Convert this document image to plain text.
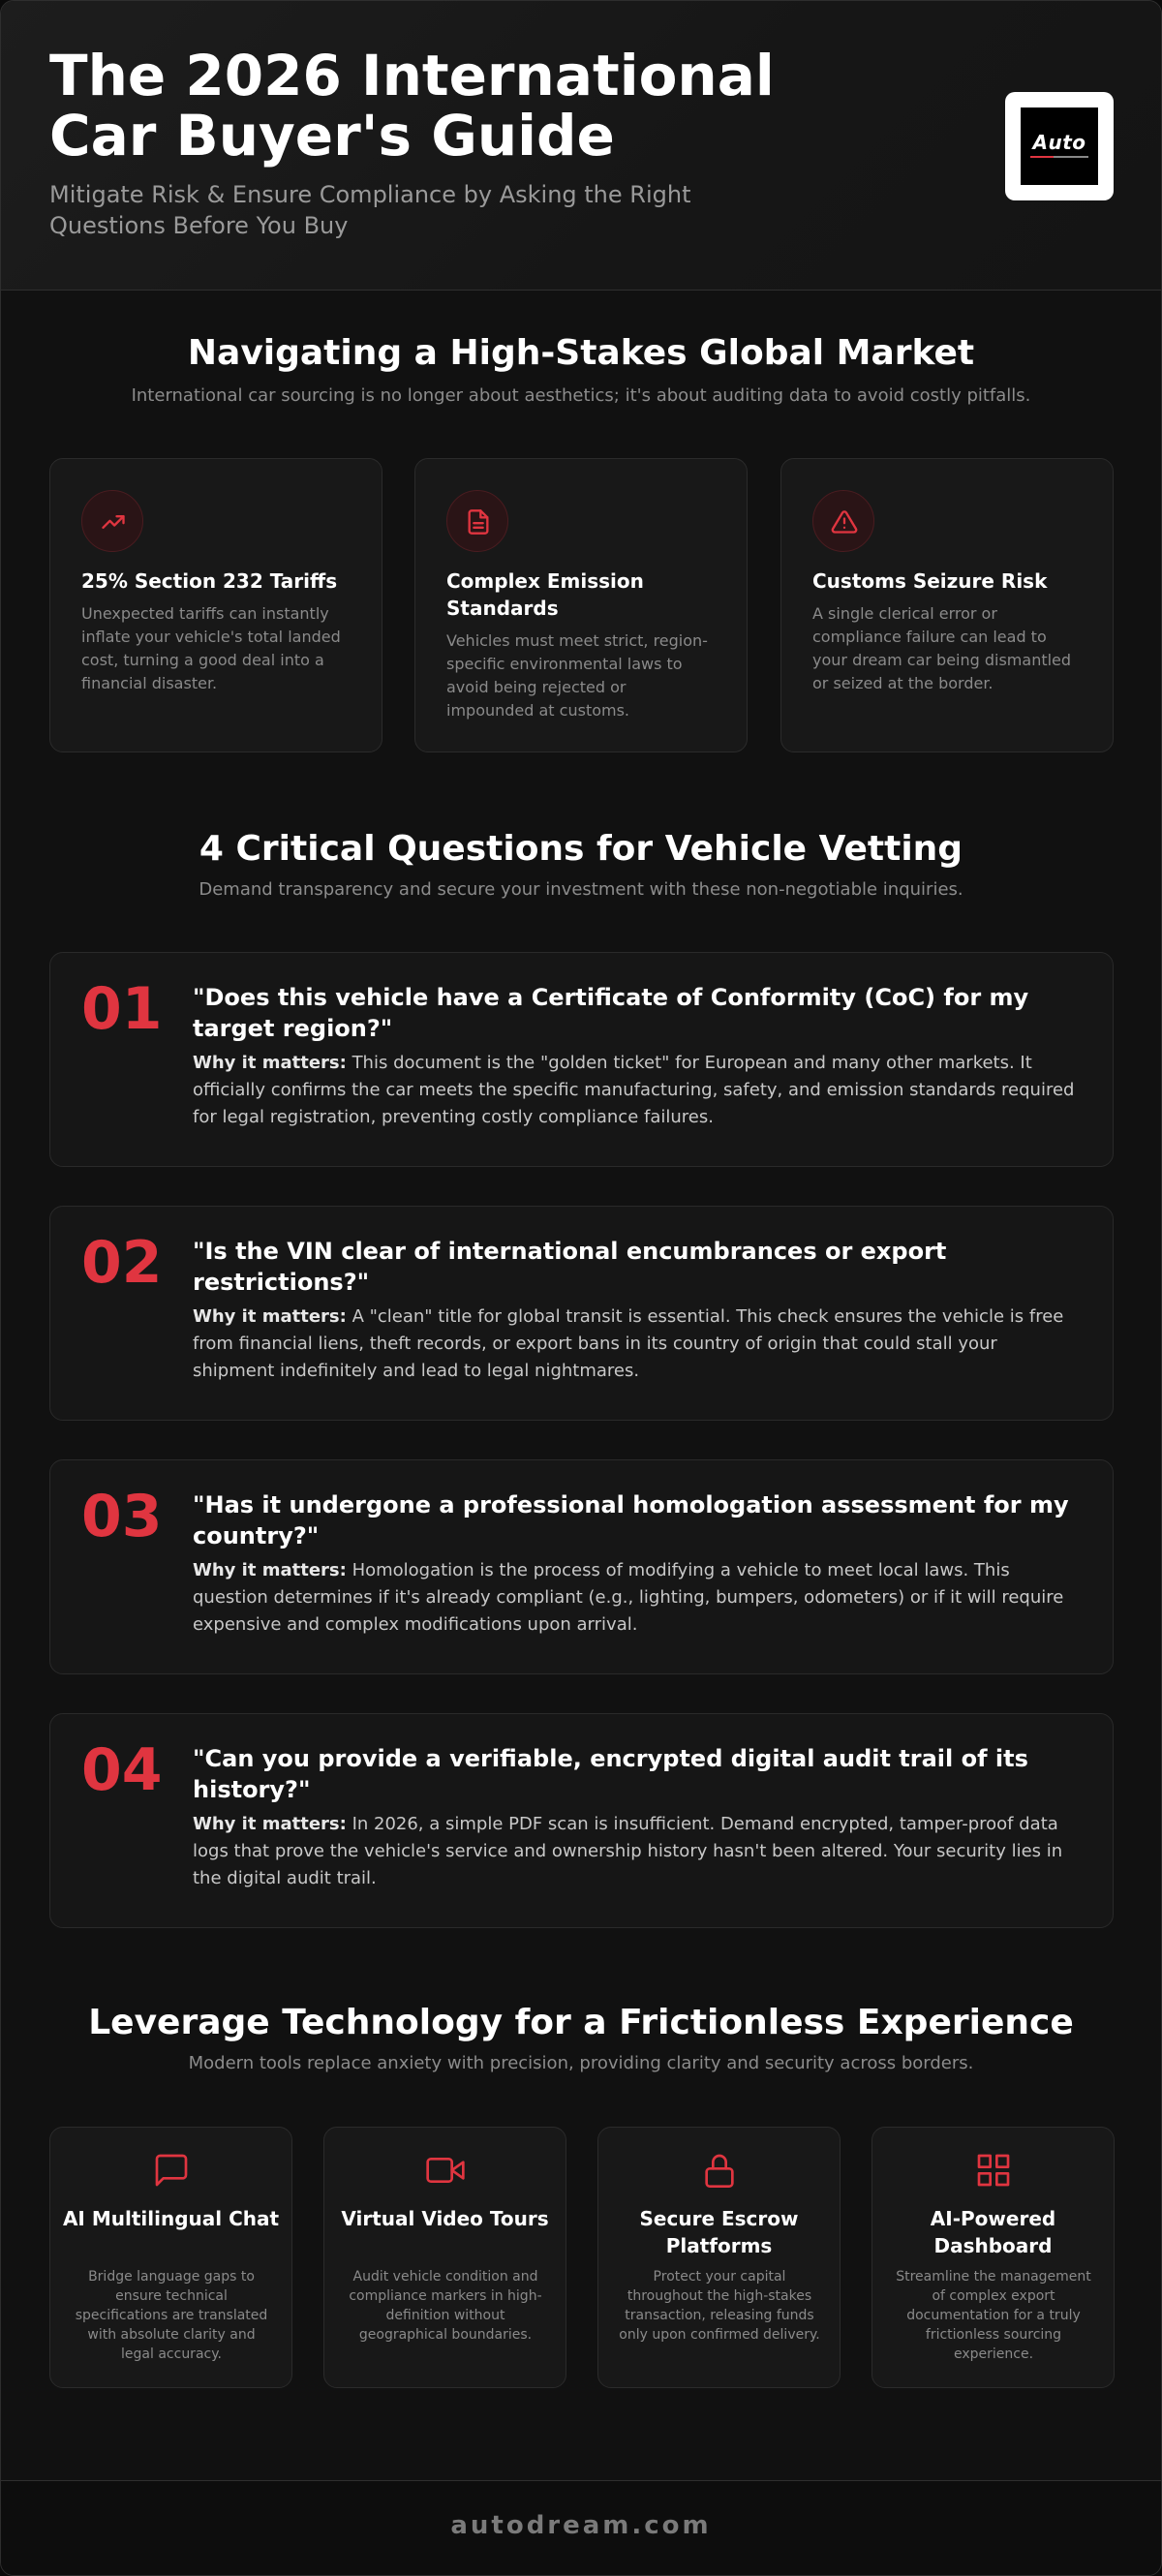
The 2026 International Car Buyer's Guide

Mitigate Risk & Ensure Compliance by Asking the Right Questions Before You Buy

Auto
Navigating a High-Stakes Global Market

International car sourcing is no longer about aesthetics; it's about auditing data to avoid costly pitfalls.

25% Section 232 Tariffs

Unexpected tariffs can instantly inflate your vehicle's total landed cost, turning a good deal into a financial disaster.

Complex Emission Standards

Vehicles must meet strict, region-specific environmental laws to avoid being rejected or impounded at customs.

Customs Seizure Risk

A single clerical error or compliance failure can lead to your dream car being dismantled or seized at the border.

4 Critical Questions for Vehicle Vetting

Demand transparency and secure your investment with these non-negotiable inquiries.

01 "Does this vehicle have a Certificate of Conformity (CoC) for my target region?"

Why it matters: This document is the "golden ticket" for European and many other markets. It officially confirms the car meets the specific manufacturing, safety, and emission standards required for legal registration, preventing costly compliance failures.

02 "Is the VIN clear of international encumbrances or export restrictions?"

Why it matters: A "clean" title for global transit is essential. This check ensures the vehicle is free from financial liens, theft records, or export bans in its country of origin that could stall your shipment indefinitely and lead to legal nightmares.

03 "Has it undergone a professional homologation assessment for my country?"

Why it matters: Homologation is the process of modifying a vehicle to meet local laws. This question determines if it's already compliant (e.g., lighting, bumpers, odometers) or if it will require expensive and complex modifications upon arrival.

04 "Can you provide a verifiable, encrypted digital audit trail of its history?"

Why it matters: In 2026, a simple PDF scan is insufficient. Demand encrypted, tamper-proof data logs that prove the vehicle's service and ownership history hasn't been altered. Your security lies in the digital audit trail.

Leverage Technology for a Frictionless Experience

Modern tools replace anxiety with precision, providing clarity and security across borders.

AI Multilingual Chat

Bridge language gaps to ensure technical specifications are translated with absolute clarity and legal accuracy.

Virtual Video Tours

Audit vehicle condition and compliance markers in high-definition without geographical boundaries.

Secure Escrow Platforms

Protect your capital throughout the high-stakes transaction, releasing funds only upon confirmed delivery.

AI-Powered Dashboard

Streamline the management of complex export documentation for a truly frictionless sourcing experience.

autodream.com
